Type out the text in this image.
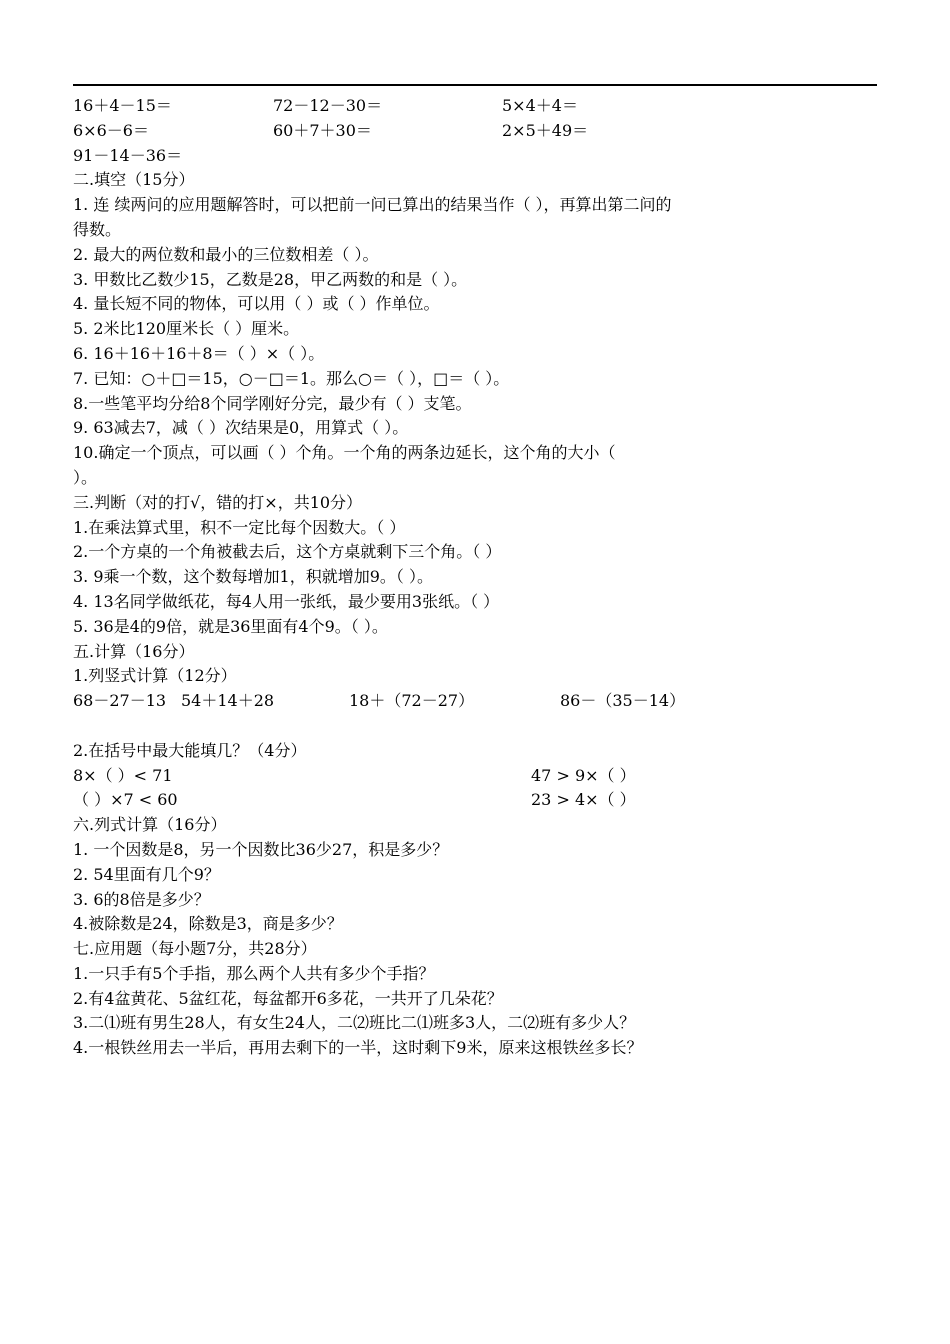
16＋4－15＝	72－12－30＝	5×4＋4＝
6×6－6＝	60＋7＋30＝	2×5＋49＝
91－14－36＝
二.填空（15分）
1. 连 续两问的应用题解答时，可以把前一问已算出的结果当作（ ），再算出第二问的
得数。
2. 最大的两位数和最小的三位数相差（ ）。
3. 甲数比乙数少15，乙数是28，甲乙两数的和是（ ）。
4. 量长短不同的物体，可以用（ ）或（ ）作单位。
5. 2米比120厘米长（ ）厘米。
6. 16＋16＋16＋8＝（ ）×（ ）。
7. 已知：○＋□＝15，○－□＝1。那么○＝（ ），□＝（ ）。
8.一些笔平均分给8个同学刚好分完，最少有（ ）支笔。
9. 63减去7，减（ ）次结果是0，用算式（ ）。
10.确定一个顶点，可以画（ ）个角。一个角的两条边延长，这个角的大小（
）。
三.判断（对的打√，错的打×，共10分）
1.在乘法算式里，积不一定比每个因数大。（ ）
2.一个方桌的一个角被截去后，这个方桌就剩下三个角。（ ）
3. 9乘一个数，这个数每增加1，积就增加9。（ ）。
4. 13名同学做纸花，每4人用一张纸，最少要用3张纸。（ ）
5. 36是4的9倍，就是36里面有4个9。（ ）。
五.计算（16分）
1.列竖式计算（12分）
68－27－13 54＋14＋28	18＋（72－27）	86－（35－14）
2.在括号中最大能填几？（4分）
8×（ ）< 71	47 > 9×（ ）
（ ）×7 < 60	23 > 4×（ ）
六.列式计算（16分）
1. 一个因数是8，另一个因数比36少27，积是多少？
2. 54里面有几个9？
3. 6的8倍是多少？
4.被除数是24，除数是3，商是多少？
七.应用题（每小题7分，共28分）
1.一只手有5个手指，那么两个人共有多少个手指？
2.有4盆黄花、5盆红花，每盆都开6多花，一共开了几朵花？
3.二⑴班有男生28人，有女生24人，二⑵班比二⑴班多3人，二⑵班有多少人？
4.一根铁丝用去一半后，再用去剩下的一半，这时剩下9米，原来这根铁丝多长？
